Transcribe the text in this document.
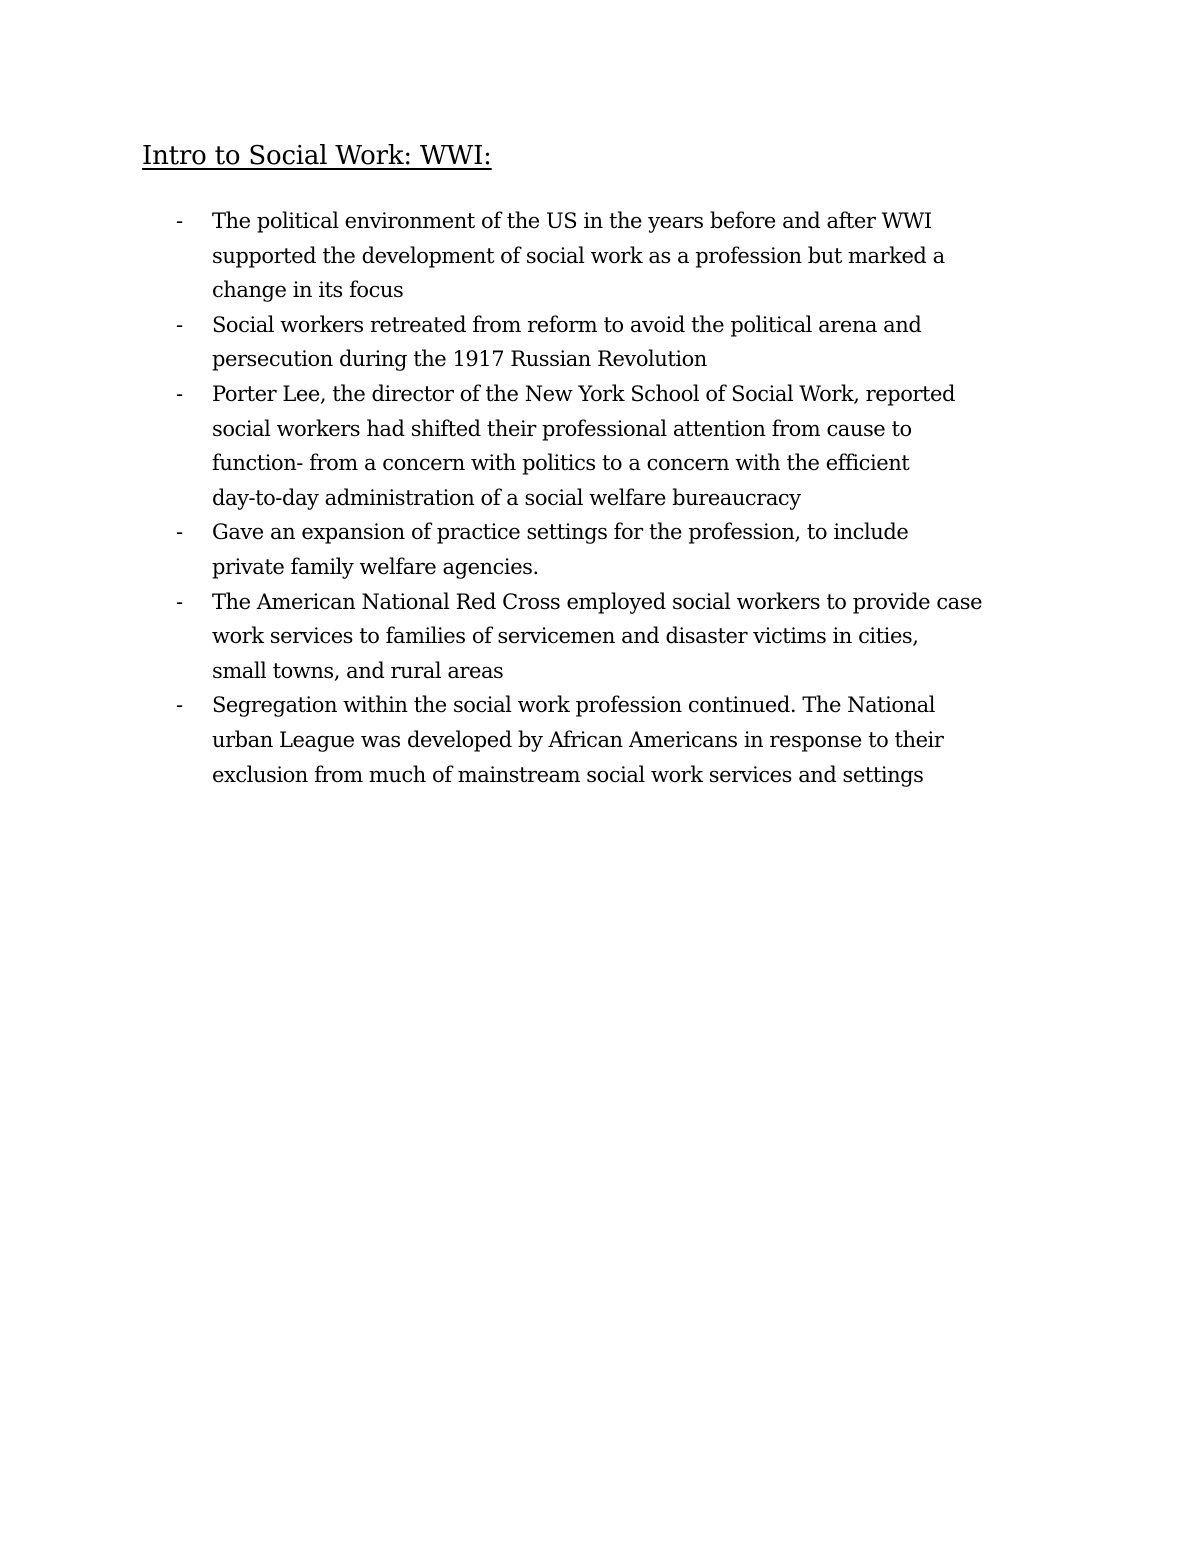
Intro to Social Work: WWI:
- The political environment of the US in the years before and after WWI
supported the development of social work as a profession but marked a
change in its focus
- Social workers retreated from reform to avoid the political arena and
persecution during the 1917 Russian Revolution
- Porter Lee, the director of the New York School of Social Work, reported
social workers had shifted their professional attention from cause to
function- from a concern with politics to a concern with the efficient
day-to-day administration of a social welfare bureaucracy
- Gave an expansion of practice settings for the profession, to include
private family welfare agencies.
- The American National Red Cross employed social workers to provide case
work services to families of servicemen and disaster victims in cities,
small towns, and rural areas
- Segregation within the social work profession continued. The National
urban League was developed by African Americans in response to their
exclusion from much of mainstream social work services and settings
